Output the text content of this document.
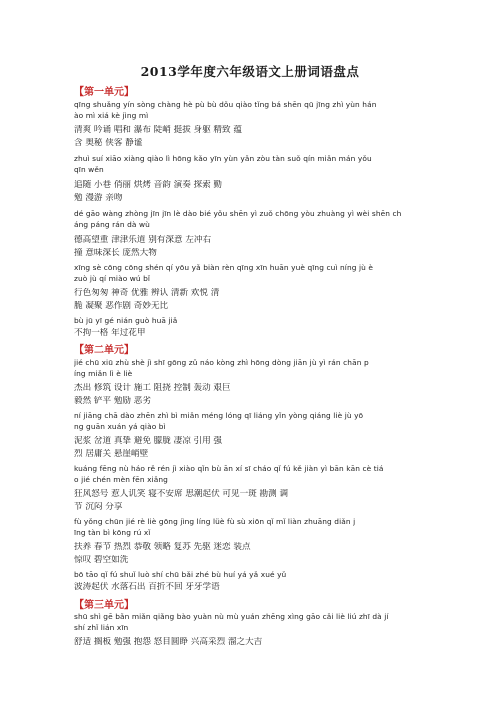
2013学年度六年级语文上册词语盘点
【第一单元】
qīng shuǎng yín sòng chàng hè pù bù dǒu qiào tǐng bá shēn qū jīng zhì yùn hán
ào mì xiá kè jìng mì
清爽 吟诵 唱和 瀑布 陡峭 挺拔 身躯 精致 蕴
含 奥秘 侠客 静谧
zhuì suí xiāo xiàng qiào lì hōng kǎo yīn yùn yǎn zòu tàn suǒ qín miǎn mán yǒu
qīn wěn
追随 小巷 俏丽 烘烤 音韵 演奏 探索 勤
勉 漫游 亲吻
dé gāo wàng zhòng jīn jīn lè dào bié yǒu shēn yì zuǒ chōng yòu zhuàng yì wèi shēn ch
áng páng rán dà wù
德高望重 津津乐道 别有深意 左冲右
撞 意味深长 庞然大物
xīng sè cōng cōng shén qí yōu yǎ biàn rèn qīng xīn huān yuè qīng cuì níng jù è
zuò jù qí miào wú bǐ
行色匆匆 神奇 优雅 辨认 清新 欢悦 清
脆 凝聚 恶作剧 奇妙无比
bù jū yī gé nián guò huā jiǎ
不拘一格 年过花甲
【第二单元】
jié chū xiū zhù shè jì shī gōng zǔ náo kòng zhì hōng dòng jiān jù yì rán chān p
íng miǎn lì è liè
杰出 修筑 设计 施工 阻挠 控制 轰动 艰巨
毅然 铲平 勉励 恶劣
ní jiāng chā dào zhēn zhì bì miǎn méng lóng qī liáng yǐn yòng qiáng liè jù yō
ng guān xuán yá qiào bì
泥浆 岔道 真挚 避免 朦胧 凄凉 引用 强
烈 居庸关 悬崖峭壁
kuáng fēng nù háo rě rén jì xiào qǐn bù ān xí sī cháo qǐ fú kě jiàn yì bān kān cè tiá
o jié chén mèn fēn xiǎng
狂风怒号 惹人讥笑 寝不安席 思潮起伏 可见一斑 勘测 调
节 沉闷 分享
fù yǒng chūn jié rè liè gōng jìng líng lüè fù sù xiōn qǐ mǐ liàn zhuāng diǎn j
īng tàn bì kōng rú xǐ
扶养 春节 热烈 恭敬 领略 复苏 先驱 迷恋 装点
惊叹 碧空如洗
bō tāo qǐ fú shuǐ luò shí chū bǎi zhé bù huí yá yǎ xué yǔ
波涛起伏 水落石出 百折不回 牙牙学语
【第三单元】
shū shì gē bǎn miǎn qiǎng bào yuàn nù mù yuán zhēng xìng gāo cǎi liè liú zhī dà jí
shí zhǐ lián xīn
舒适 搁板 勉强 抱怨 怒目圆睁 兴高采烈 溜之大吉
